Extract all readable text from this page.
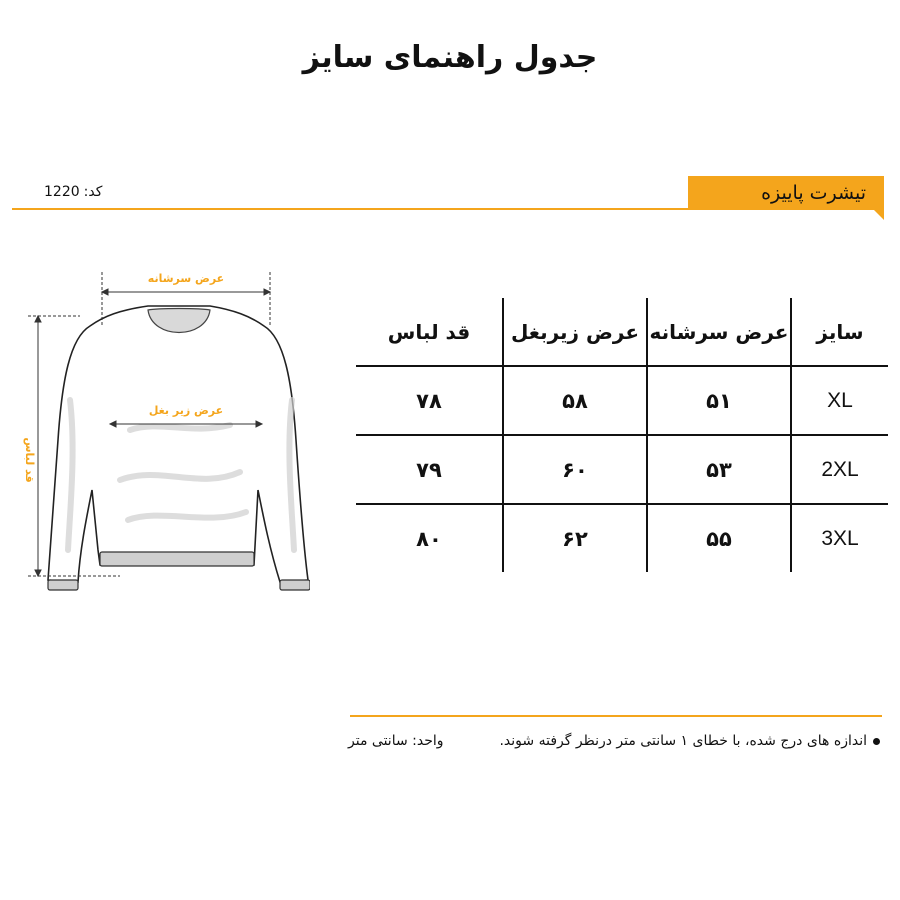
جدول راهنمای سایز
تیشرت پاییزه
کد:1220
عرض سرشانه
عرض زیر بغل
قد لباس
سایز	عرض سرشانه	عرض زیربغل	قد لباس
XL	۵۱	۵۸	۷۸
2XL	۵۳	۶۰	۷۹
3XL	۵۵	۶۲	۸۰
اندازه های درج شده، با خطای ۱ سانتی متر درنظر گرفته شوند.
واحد: سانتی متر
